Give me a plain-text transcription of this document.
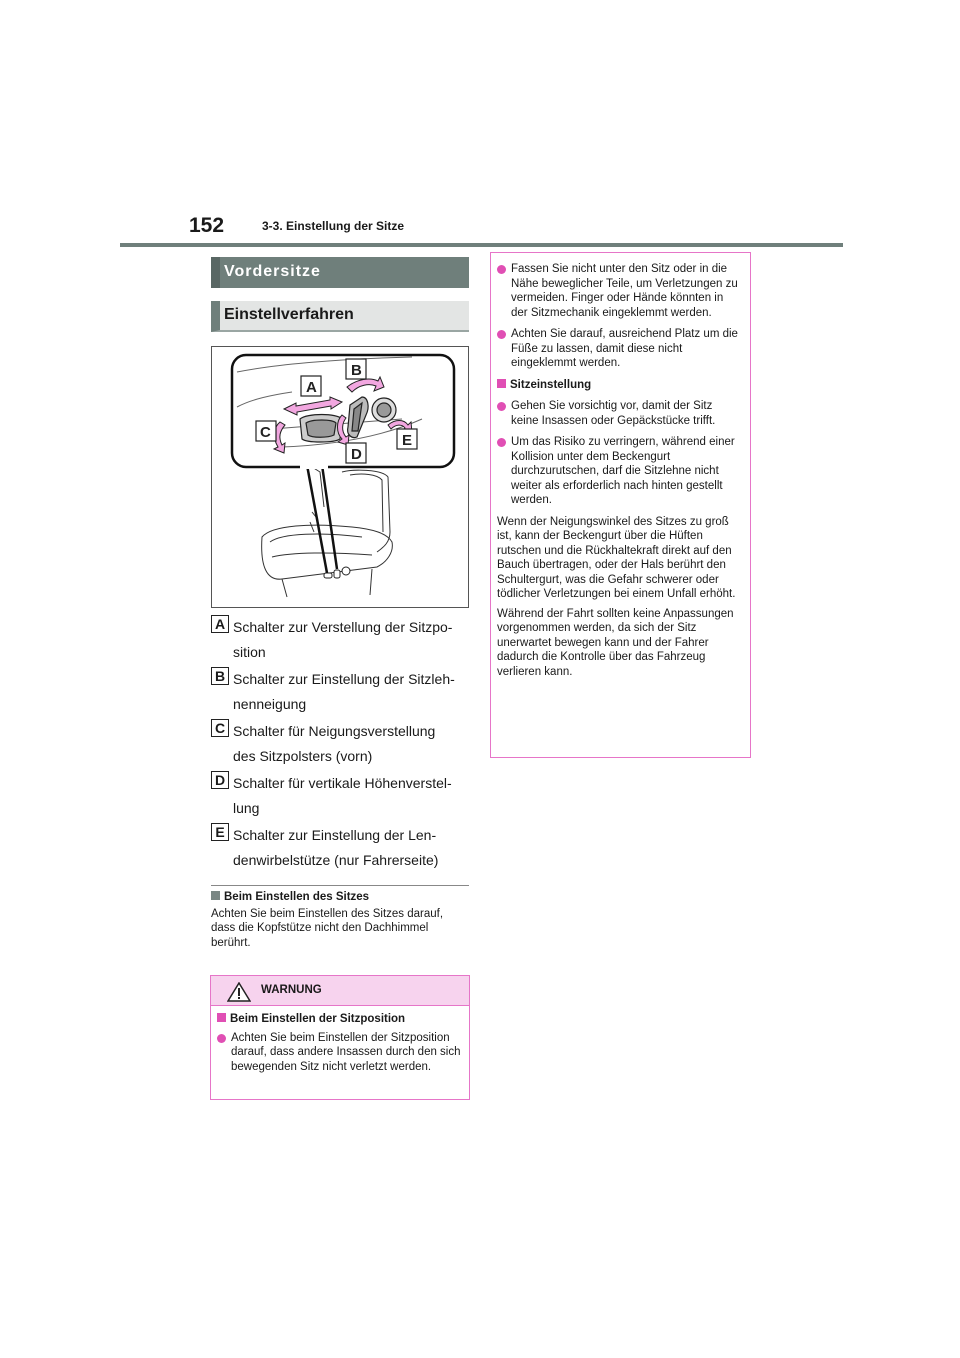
152	3-3. Einstellung der Sitze
Vordersitze
Einstellverfahren
A
B
C
D
E
A Schalter zur Verstellung der Sitzpo-
sition
B Schalter zur Einstellung der Sitzleh-
nenneigung
C Schalter für Neigungsverstellung
des Sitzpolsters (vorn)
D Schalter für vertikale Höhenverstel-
lung
E Schalter zur Einstellung der Len-
denwirbelstütze (nur Fahrerseite)
Beim Einstellen des Sitzes
Achten Sie beim Einstellen des Sitzes darauf, dass die Kopfstütze nicht den Dachhimmel berührt.
WARNUNG
Beim Einstellen der Sitzposition
Achten Sie beim Einstellen der Sitzposition darauf, dass andere Insassen durch den sich bewegenden Sitz nicht verletzt werden.
Fassen Sie nicht unter den Sitz oder in die Nähe beweglicher Teile, um Verletzungen zu vermeiden. Finger oder Hände könnten in der Sitzmechanik eingeklemmt werden.
Achten Sie darauf, ausreichend Platz um die Füße zu lassen, damit diese nicht eingeklemmt werden.
Sitzeinstellung
Gehen Sie vorsichtig vor, damit der Sitz keine Insassen oder Gepäckstücke trifft.
Um das Risiko zu verringern, während einer Kollision unter dem Beckengurt durchzurutschen, darf die Sitzlehne nicht weiter als erforderlich nach hinten gestellt werden.
Wenn der Neigungswinkel des Sitzes zu groß ist, kann der Beckengurt über die Hüften rutschen und die Rückhaltekraft direkt auf den Bauch übertragen, oder der Hals berührt den Schultergurt, was die Gefahr schwerer oder tödlicher Verletzungen bei einem Unfall erhöht.
Während der Fahrt sollten keine Anpassungen vorgenommen werden, da sich der Sitz unerwartet bewegen kann und der Fahrer dadurch die Kontrolle über das Fahrzeug verlieren kann.
